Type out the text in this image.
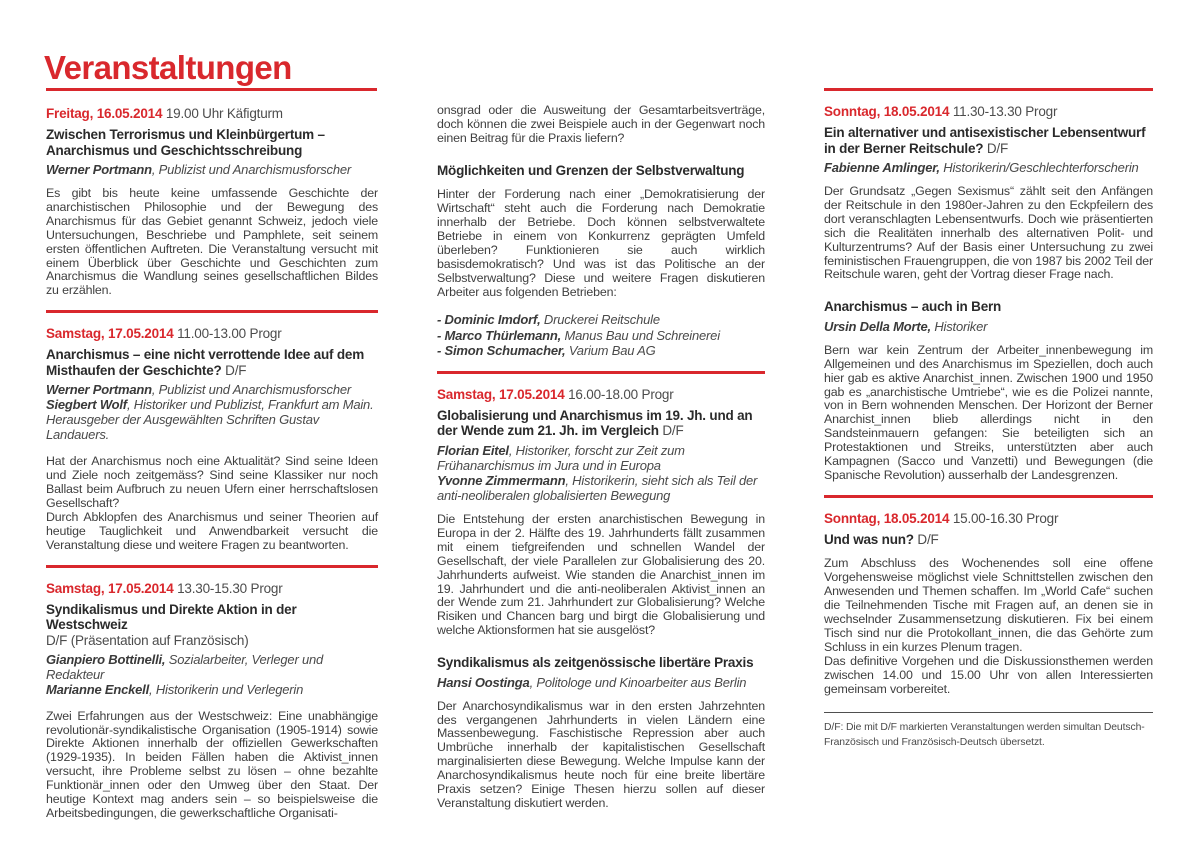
Veranstaltungen

Freitag, 16.05.2014 19.00 Uhr Käfigturm

Zwischen Terrorismus und Kleinbürgertum – Anarchismus und Geschichtsschreibung

Werner Portmann, Publizist und Anarchismusforscher

Es gibt bis heute keine umfassende Geschichte der anarchistischen Philosophie und der Bewegung des Anarchismus für das Gebiet genannt Schweiz, jedoch viele Untersuchungen, Beschriebe und Pamphlete, seit seinem ersten öffentlichen Auftreten. Die Veranstaltung versucht mit einem Überblick über Geschichte und Geschichten zum Anarchismus die Wandlung seines gesellschaftlichen Bildes zu erzählen.

Samstag, 17.05.2014 11.00-13.00 Progr

Anarchismus – eine nicht verrottende Idee auf dem Misthaufen der Geschichte? D/F

Werner Portmann, Publizist und Anarchismusforscher

Siegbert Wolf, Historiker und Publizist, Frankfurt am Main. Herausgeber der Ausgewählten Schriften Gustav Landauers.

Hat der Anarchismus noch eine Aktualität? Sind seine Ideen und Ziele noch zeitgemäss? Sind seine Klassiker nur noch Ballast beim Aufbruch zu neuen Ufern einer herrschaftslosen Gesellschaft?

Durch Abklopfen des Anarchismus und seiner Theorien auf heutige Tauglichkeit und Anwendbarkeit versucht die Veranstaltung diese und weitere Fragen zu beantworten.

Samstag, 17.05.2014 13.30-15.30 Progr

Syndikalismus und Direkte Aktion in der Westschweiz

D/F (Präsentation auf Französisch)

Gianpiero Bottinelli, Sozialarbeiter, Verleger und Redakteur

Marianne Enckell, Historikerin und Verlegerin

Zwei Erfahrungen aus der Westschweiz: Eine unabhängige revolutionär-syndikalistische Organisation (1905-1914) sowie Direkte Aktionen innerhalb der offiziellen Gewerkschaften (1929-1935). In beiden Fällen haben die Aktivist_innen versucht, ihre Probleme selbst zu lösen – ohne bezahlte Funktionär_innen oder den Umweg über den Staat. Der heutige Kontext mag anders sein – so beispielsweise die Arbeitsbedingungen, die gewerkschaftliche Organisati-

onsgrad oder die Ausweitung der Gesamtarbeitsverträge, doch können die zwei Beispiele auch in der Gegenwart noch einen Beitrag für die Praxis liefern?

Möglichkeiten und Grenzen der Selbstverwaltung

Hinter der Forderung nach einer „Demokratisierung der Wirtschaft“ steht auch die Forderung nach Demokratie innerhalb der Betriebe. Doch können selbstverwaltete Betriebe in einem von Konkurrenz geprägten Umfeld überleben? Funktionieren sie auch wirklich basisdemokratisch? Und was ist das Politische an der Selbstverwaltung? Diese und weitere Fragen diskutieren Arbeiter aus folgenden Betrieben:

- Dominic Imdorf, Druckerei Reitschule

- Marco Thürlemann, Manus Bau und Schreinerei

- Simon Schumacher, Varium Bau AG

Samstag, 17.05.2014 16.00-18.00 Progr

Globalisierung und Anarchismus im 19. Jh. und an der Wende zum 21. Jh. im Vergleich D/F

Florian Eitel, Historiker, forscht zur Zeit zum Frühanarchismus im Jura und in Europa

Yvonne Zimmermann, Historikerin, sieht sich als Teil der anti-neoliberalen globalisierten Bewegung

Die Entstehung der ersten anarchistischen Bewegung in Europa in der 2. Hälfte des 19. Jahrhunderts fällt zusammen mit einem tiefgreifenden und schnellen Wandel der Gesellschaft, der viele Parallelen zur Globalisierung des 20. Jahrhunderts aufweist. Wie standen die Anarchist_innen im 19. Jahrhundert und die anti-neoliberalen Aktivist_innen an der Wende zum 21. Jahrhundert zur Globalisierung? Welche Risiken und Chancen barg und birgt die Globalisierung und welche Aktionsformen hat sie ausgelöst?

Syndikalismus als zeitgenössische libertäre Praxis

Hansi Oostinga, Politologe und Kinoarbeiter aus Berlin

Der Anarchosyndikalismus war in den ersten Jahrzehnten des vergangenen Jahrhunderts in vielen Ländern eine Massenbewegung. Faschistische Repression aber auch Umbrüche innerhalb der kapitalistischen Gesellschaft marginalisierten diese Bewegung. Welche Impulse kann der Anarchosyndikalismus heute noch für eine breite libertäre Praxis setzen? Einige Thesen hierzu sollen auf dieser Veranstaltung diskutiert werden.

Sonntag, 18.05.2014 11.30-13.30 Progr

Ein alternativer und antisexistischer Lebensentwurf in der Berner Reitschule? D/F

Fabienne Amlinger, Historikerin/Geschlechterforscherin

Der Grundsatz „Gegen Sexismus“ zählt seit den Anfängen der Reitschule in den 1980er-Jahren zu den Eckpfeilern des dort veranschlagten Lebensentwurfs. Doch wie präsentierten sich die Realitäten innerhalb des alternativen Polit- und Kulturzentrums? Auf der Basis einer Untersuchung zu zwei feministischen Frauengruppen, die von 1987 bis 2002 Teil der Reitschule waren, geht der Vortrag dieser Frage nach.

Anarchismus – auch in Bern

Ursin Della Morte, Historiker

Bern war kein Zentrum der Arbeiter_innenbewegung im Allgemeinen und des Anarchismus im Speziellen, doch auch hier gab es aktive Anarchist_innen. Zwischen 1900 und 1950 gab es „anarchistische Umtriebe“, wie es die Polizei nannte, von in Bern wohnenden Menschen. Der Horizont der Berner Anarchist_innen blieb allerdings nicht in den Sandsteinmauern gefangen: Sie beteiligten sich an Protestaktionen und Streiks, unterstützten aber auch Kampagnen (Sacco und Vanzetti) und Bewegungen (die Spanische Revolution) ausserhalb der Landesgrenzen.

Sonntag, 18.05.2014 15.00-16.30 Progr

Und was nun? D/F

Zum Abschluss des Wochenendes soll eine offene Vorgehensweise möglichst viele Schnittstellen zwischen den Anwesenden und Themen schaffen. Im „World Cafe“ suchen die Teilnehmenden Tische mit Fragen auf, an denen sie in wechselnder Zusammensetzung diskutieren. Fix bei einem Tisch sind nur die Protokollant_innen, die das Gehörte zum Schluss in ein kurzes Plenum tragen.

Das definitive Vorgehen und die Diskussionsthemen werden zwischen 14.00 und 15.00 Uhr von allen Interessierten gemeinsam vorbereitet.

D/F: Die mit D/F markierten Veranstaltungen werden simultan Deutsch-Französisch und Französisch-Deutsch übersetzt.
